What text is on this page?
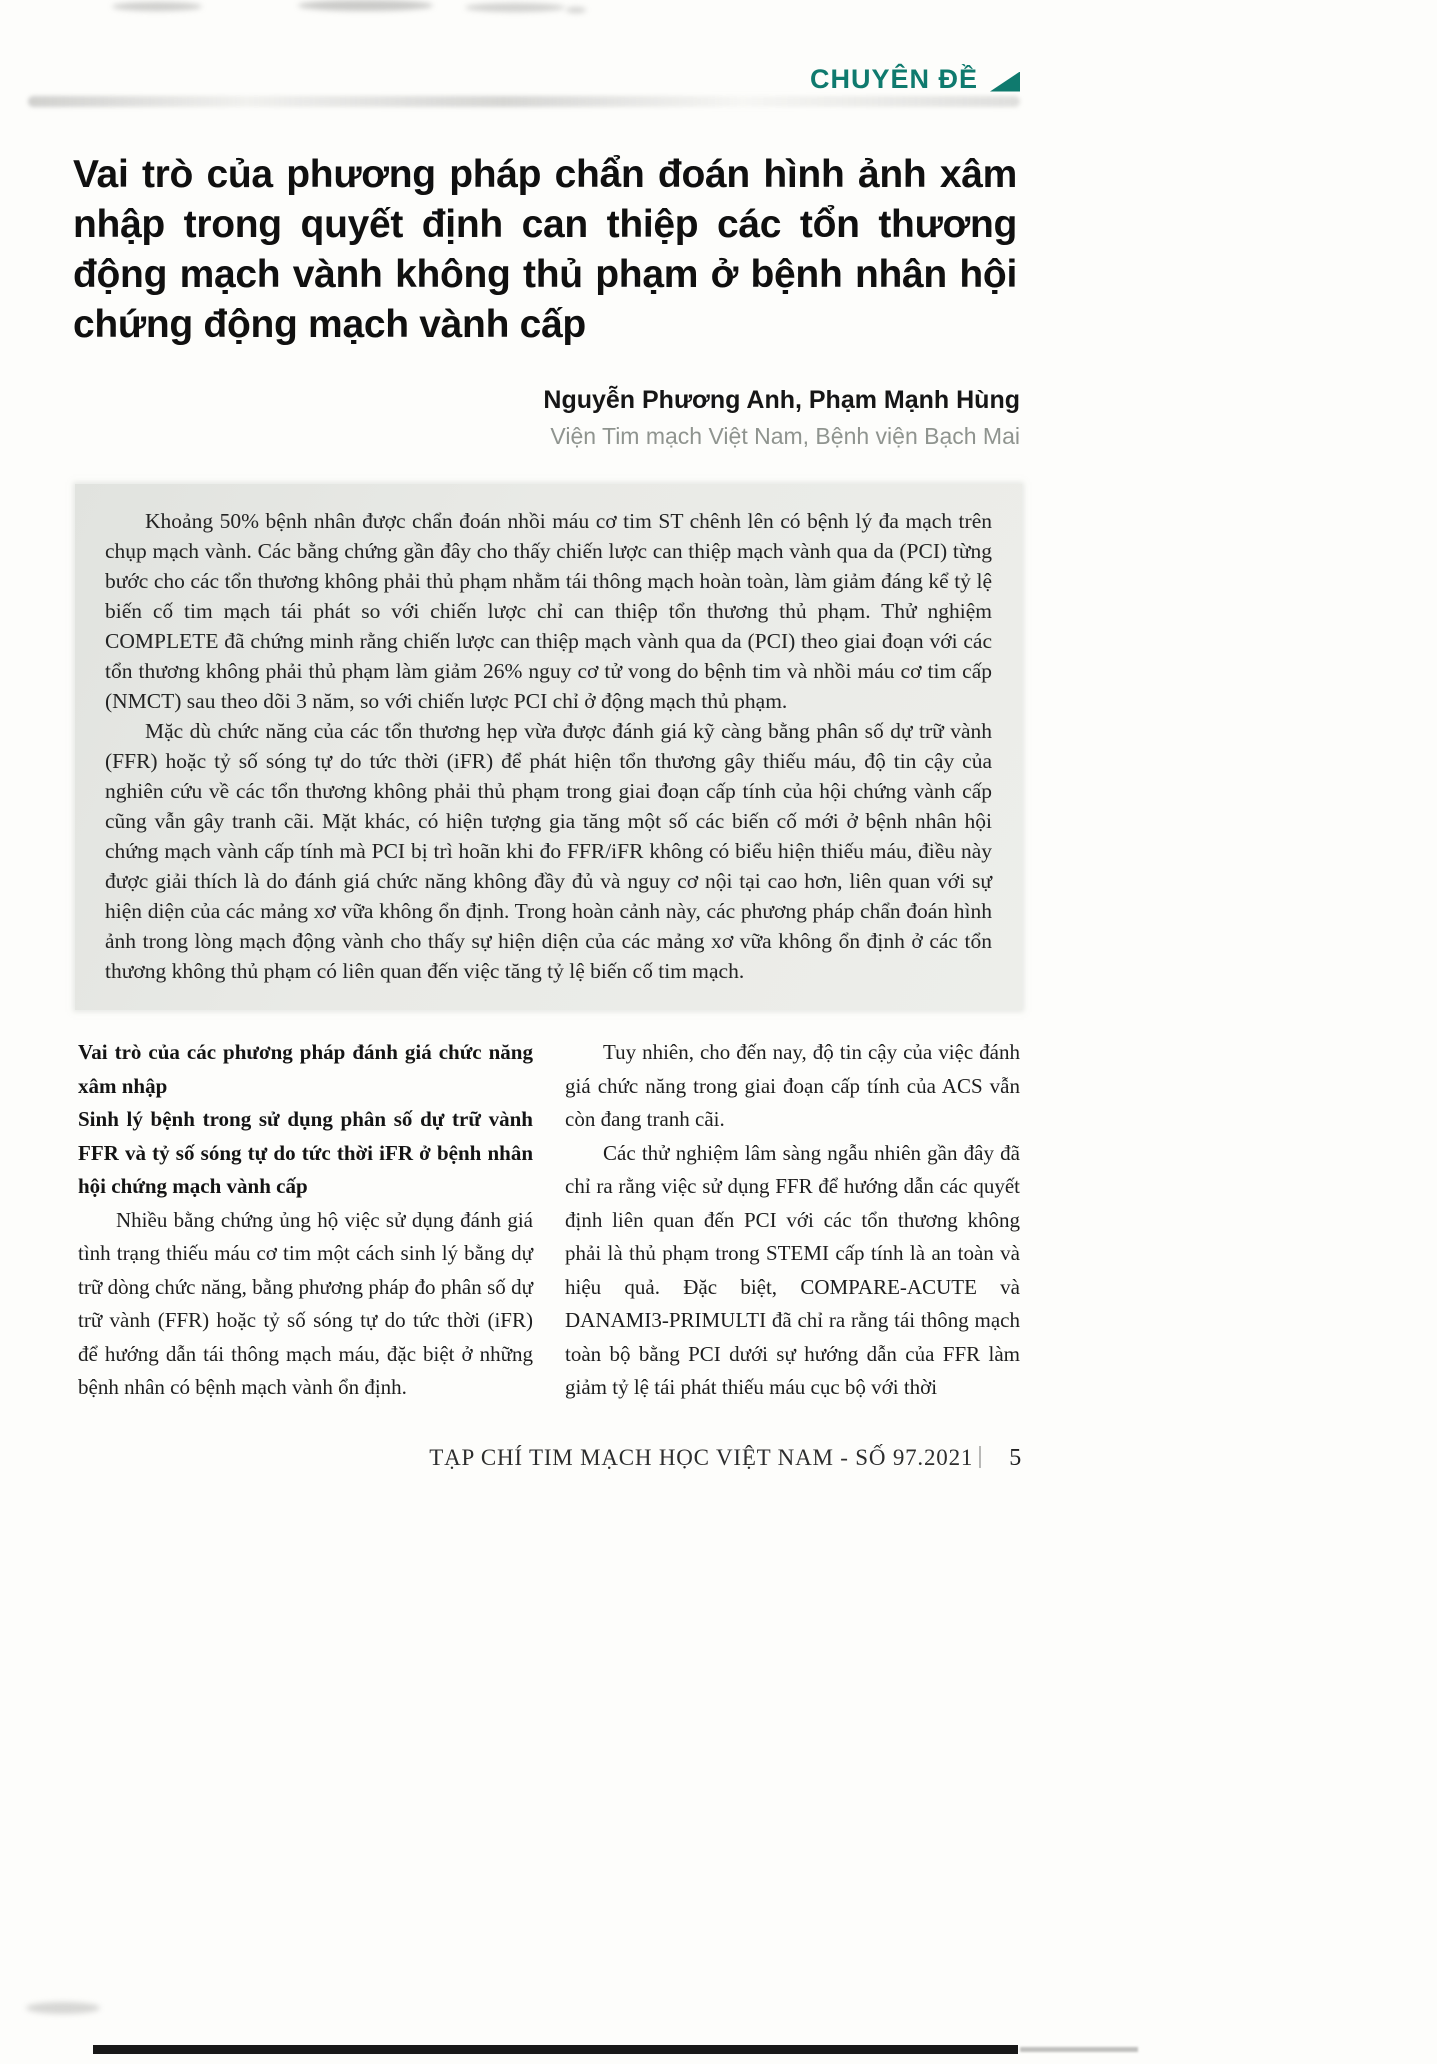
CHUYÊN ĐỀ
Vai trò của phương pháp chẩn đoán hình ảnh xâm nhập trong quyết định can thiệp các tổn thương động mạch vành không thủ phạm ở bệnh nhân hội chứng động mạch vành cấp
Nguyễn Phương Anh, Phạm Mạnh Hùng
Viện Tim mạch Việt Nam, Bệnh viện Bạch Mai

Khoảng 50% bệnh nhân được chẩn đoán nhồi máu cơ tim ST chênh lên có bệnh lý đa mạch trên chụp mạch vành. Các bằng chứng gần đây cho thấy chiến lược can thiệp mạch vành qua da (PCI) từng bước cho các tổn thương không phải thủ phạm nhằm tái thông mạch hoàn toàn, làm giảm đáng kể tỷ lệ biến cố tim mạch tái phát so với chiến lược chỉ can thiệp tổn thương thủ phạm. Thử nghiệm COMPLETE đã chứng minh rằng chiến lược can thiệp mạch vành qua da (PCI) theo giai đoạn với các tổn thương không phải thủ phạm làm giảm 26% nguy cơ tử vong do bệnh tim và nhồi máu cơ tim cấp (NMCT) sau theo dõi 3 năm, so với chiến lược PCI chỉ ở động mạch thủ phạm.

Mặc dù chức năng của các tổn thương hẹp vừa được đánh giá kỹ càng bằng phân số dự trữ vành (FFR) hoặc tỷ số sóng tự do tức thời (iFR) để phát hiện tổn thương gây thiếu máu, độ tin cậy của nghiên cứu về các tổn thương không phải thủ phạm trong giai đoạn cấp tính của hội chứng vành cấp cũng vẫn gây tranh cãi. Mặt khác, có hiện tượng gia tăng một số các biến cố mới ở bệnh nhân hội chứng mạch vành cấp tính mà PCI bị trì hoãn khi đo FFR/iFR không có biểu hiện thiếu máu, điều này được giải thích là do đánh giá chức năng không đầy đủ và nguy cơ nội tại cao hơn, liên quan với sự hiện diện của các mảng xơ vữa không ổn định. Trong hoàn cảnh này, các phương pháp chẩn đoán hình ảnh trong lòng mạch động vành cho thấy sự hiện diện của các mảng xơ vữa không ổn định ở các tổn thương không thủ phạm có liên quan đến việc tăng tỷ lệ biến cố tim mạch.

Vai trò của các phương pháp đánh giá chức năng xâm nhập
Sinh lý bệnh trong sử dụng phân số dự trữ vành FFR và tỷ số sóng tự do tức thời iFR ở bệnh nhân hội chứng mạch vành cấp

Nhiều bằng chứng ủng hộ việc sử dụng đánh giá tình trạng thiếu máu cơ tim một cách sinh lý bằng dự trữ dòng chức năng, bằng phương pháp đo phân số dự trữ vành (FFR) hoặc tỷ số sóng tự do tức thời (iFR) để hướng dẫn tái thông mạch máu, đặc biệt ở những bệnh nhân có bệnh mạch vành ổn định.

Tuy nhiên, cho đến nay, độ tin cậy của việc đánh giá chức năng trong giai đoạn cấp tính của ACS vẫn còn đang tranh cãi.

Các thử nghiệm lâm sàng ngẫu nhiên gần đây đã chỉ ra rằng việc sử dụng FFR để hướng dẫn các quyết định liên quan đến PCI với các tổn thương không phải là thủ phạm trong STEMI cấp tính là an toàn và hiệu quả. Đặc biệt, COMPARE-ACUTE và DANAMI3-PRIMULTI đã chỉ ra rằng tái thông mạch toàn bộ bằng PCI dưới sự hướng dẫn của FFR làm giảm tỷ lệ tái phát thiếu máu cục bộ với thời

TẠP CHÍ TIM MẠCH HỌC VIỆT NAM - SỐ 97.2021 5
